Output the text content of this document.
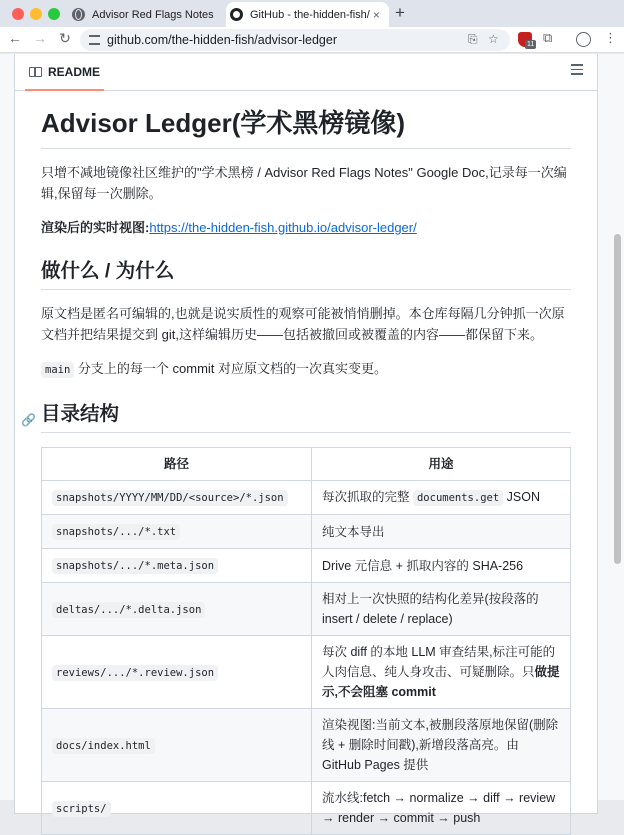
Advisor Red Flags Notes	GitHub - the-hidden-fish/ × +
← → ↻	github.com/the-hidden-fish/advisor-ledger	⎘ ☆	11 ⧉	⋮
README
Advisor Ledger(学术黑榜镜像)

只增不减地镜像社区维护的"学术黑榜 / Advisor Red Flags Notes" Google Doc,记录每一次编辑,保留每一次删除。

渲染后的实时视图:https://the-hidden-fish.github.io/advisor-ledger/

做什么 / 为什么

原文档是匿名可编辑的,也就是说实质性的观察可能被悄悄删掉。本仓库每隔几分钟抓一次原文档并把结果提交到 git,这样编辑历史——包括被撤回或被覆盖的内容——都保留下来。

main 分支上的每一个 commit 对应原文档的一次真实变更。

🔗 目录结构
路径	用途
snapshots/YYYY/MM/DD/<source>/*.json	每次抓取的完整 documents.get JSON
snapshots/.../*.txt	纯文本导出
snapshots/.../*.meta.json	Drive 元信息 + 抓取内容的 SHA-256
deltas/.../*.delta.json	相对上一次快照的结构化差异(按段落的 insert / delete / replace)
reviews/.../*.review.json	每次 diff 的本地 LLM 审查结果,标注可能的人肉信息、纯人身攻击、可疑删除。只做提示,不会阻塞 commit
docs/index.html	渲染视图:当前文本,被删段落原地保留(删除线 + 删除时间戳),新增段落高亮。由 GitHub Pages 提供
scripts/	流水线:fetch → normalize → diff → review → render → commit → push
